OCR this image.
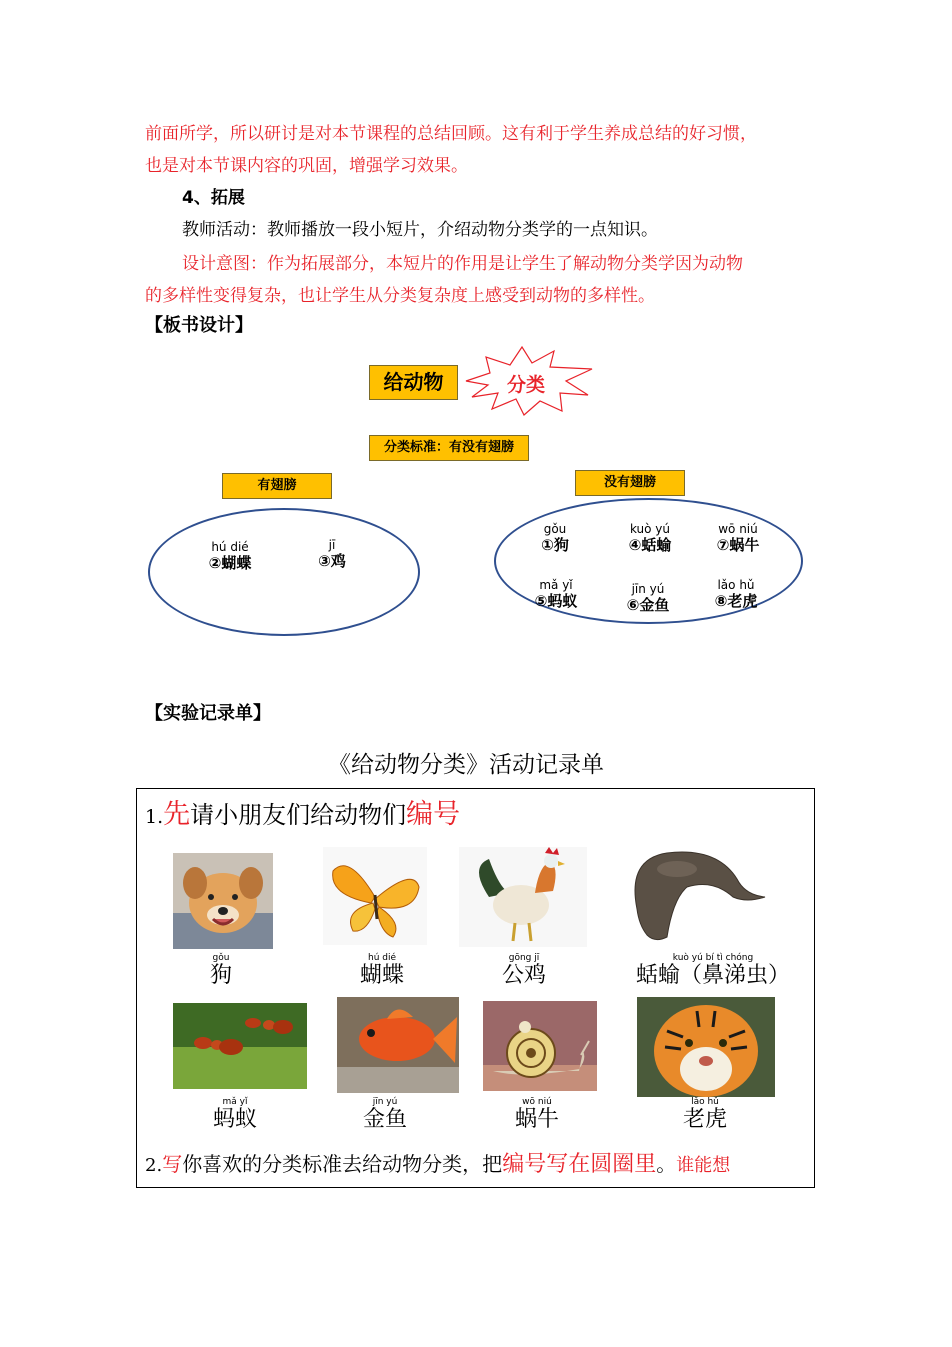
前面所学，所以研讨是对本节课程的总结回顾。这有利于学生养成总结的好习惯，
也是对本节课内容的巩固，增强学习效果。
4、拓展
教师活动：教师播放一段小短片，介绍动物分类学的一点知识。
设计意图：作为拓展部分，本短片的作用是让学生了解动物分类学因为动物
的多样性变得复杂，也让学生从分类复杂度上感受到动物的多样性。
【板书设计】
给动物	分类
分类标准：有没有翅膀
有翅膀	没有翅膀
hú dié
②蝴蝶
jī
③鸡
gǒu
①狗
kuò yú
④蛞蝓
wō niú
⑦蜗牛
mǎ yǐ
⑤蚂蚁
jīn yú
⑥金鱼
lǎo hǔ
⑧老虎
【实验记录单】
《给动物分类》活动记录单
1.先请小朋友们给动物们编号
gǒu
狗
hú dié
蝴蝶
gōng jī
公鸡
kuò yú bí tì chóng
蛞蝓（鼻涕虫）
mǎ yǐ
蚂蚁
jīn yú
金鱼
wō niú
蜗牛
lǎo hǔ
老虎
2.写你喜欢的分类标准去给动物分类，把编号写在圆圈里。谁能想
